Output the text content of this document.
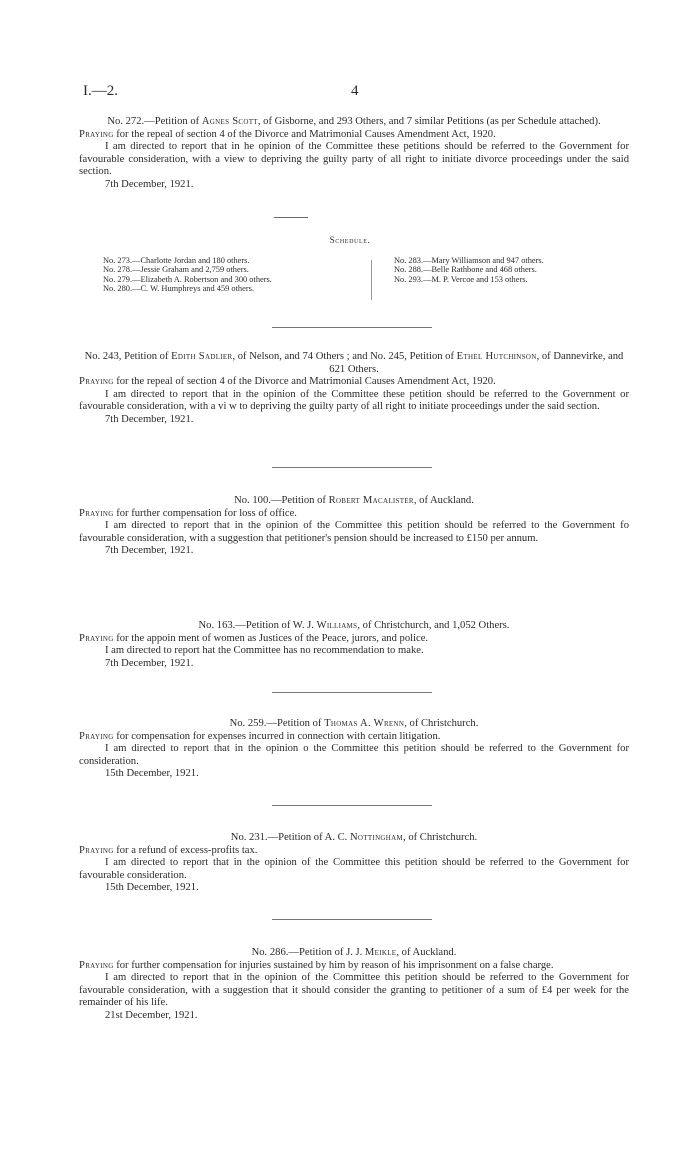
I.—2.	4
No. 272.—Petition of Agnes Scott, of Gisborne, and 293 Others, and 7 similar Petitions (as per Schedule attached).

Praying for the repeal of section 4 of the Divorce and Matrimonial Causes Amendment Act, 1920.

I am directed to report that in he opinion of the Committee these petitions should be referred to the Government for favourable consideration, with a view to depriving the guilty party of all right to initiate divorce proceedings under the said section.

7th December, 1921.
Schedule.
No. 273.—Charlotte Jordan and 180 others.
No. 278.—Jessie Graham and 2,759 others.
No. 279.—Elizabeth A. Robertson and 300 others.
No. 280.—C. W. Humphreys and 459 others.
No. 283.—Mary Williamson and 947 others.
No. 288.—Belle Rathbone and 468 others.
No. 293.—M. P. Vercoe and 153 others.
No. 243, Petition of Edith Sadlier, of Nelson, and 74 Others ; and No. 245, Petition of Ethel Hutchinson, of Dannevirke, and 621 Others.

Praying for the repeal of section 4 of the Divorce and Matrimonial Causes Amendment Act, 1920.

I am directed to report that in the opinion of the Committee these petition should be referred to the Government or favourable consideration, with a vi w to depriving the guilty party of all right to initiate proceedings under the said section.

7th December, 1921.
No. 100.—Petition of Robert Macalister, of Auckland.

Praying for further compensation for loss of office.

I am directed to report that in the opinion of the Committee this petition should be referred to the Government fo favourable consideration, with a suggestion that petitioner's pension should be increased to £150 per annum.

7th December, 1921.
No. 163.—Petition of W. J. Williams, of Christchurch, and 1,052 Others.

Praying for the appoin ment of women as Justices of the Peace, jurors, and police.

I am directed to report hat the Committee has no recommendation to make.

7th December, 1921.
No. 259.—Petition of Thomas A. Wrenn, of Christchurch.

Praying for compensation for expenses incurred in connection with certain litigation.

I am directed to report that in the opinion o the Committee this petition should be referred to the Government for consideration.

15th December, 1921.
No. 231.—Petition of A. C. Nottingham, of Christchurch.

Praying for a refund of excess-profits tax.

I am directed to report that in the opinion of the Committee this petition should be referred to the Government for favourable consideration.

15th December, 1921.
No. 286.—Petition of J. J. Meikle, of Auckland.

Praying for further compensation for injuries sustained by him by reason of his imprisonment on a false charge.

I am directed to report that in the opinion of the Committee this petition should be referred to the Government for favourable consideration, with a suggestion that it should consider the granting to petitioner of a sum of £4 per week for the remainder of his life.

21st December, 1921.
